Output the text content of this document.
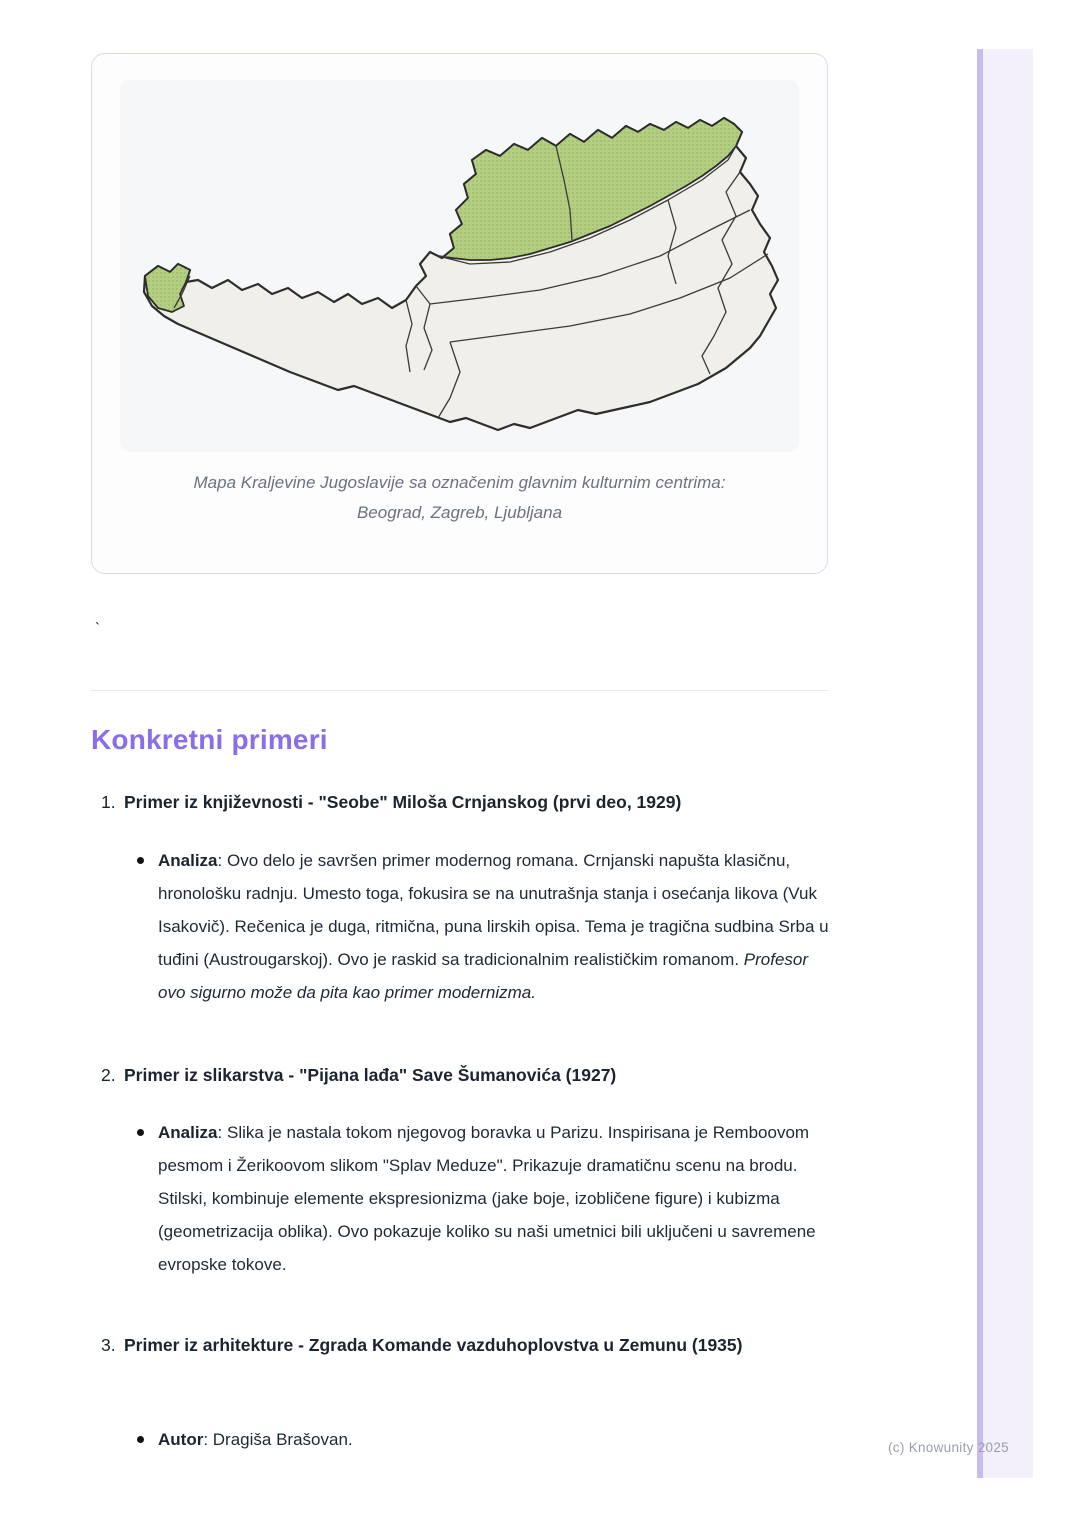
Mapa Kraljevine Jugoslavije sa označenim glavnim kulturnim centrima:
Beograd, Zagreb, Ljubljana
`
Konkretni primeri
1. Primer iz književnosti - "Seobe" Miloša Crnjanskog (prvi deo, 1929)
Analiza: Ovo delo je savršen primer modernog romana. Crnjanski napušta klasičnu, hronološku radnju. Umesto toga, fokusira se na unutrašnja stanja i osećanja likova (Vuk Isakovič). Rečenica je duga, ritmična, puna lirskih opisa. Tema je tragična sudbina Srba u tuđini (Austrougarskoj). Ovo je raskid sa tradicionalnim realističkim romanom. Profesor ovo sigurno može da pita kao primer modernizma.
2. Primer iz slikarstva - "Pijana lađa" Save Šumanovića (1927)
Analiza: Slika je nastala tokom njegovog boravka u Parizu. Inspirisana je Remboovom pesmom i Žerikoovom slikom "Splav Meduze". Prikazuje dramatičnu scenu na brodu. Stilski, kombinuje elemente ekspresionizma (jake boje, izobličene figure) i kubizma (geometrizacija oblika). Ovo pokazuje koliko su naši umetnici bili uključeni u savremene evropske tokove.
3. Primer iz arhitekture - Zgrada Komande vazduhoplovstva u Zemunu (1935)
Autor: Dragiša Brašovan.	(c) Knowunity 2025
